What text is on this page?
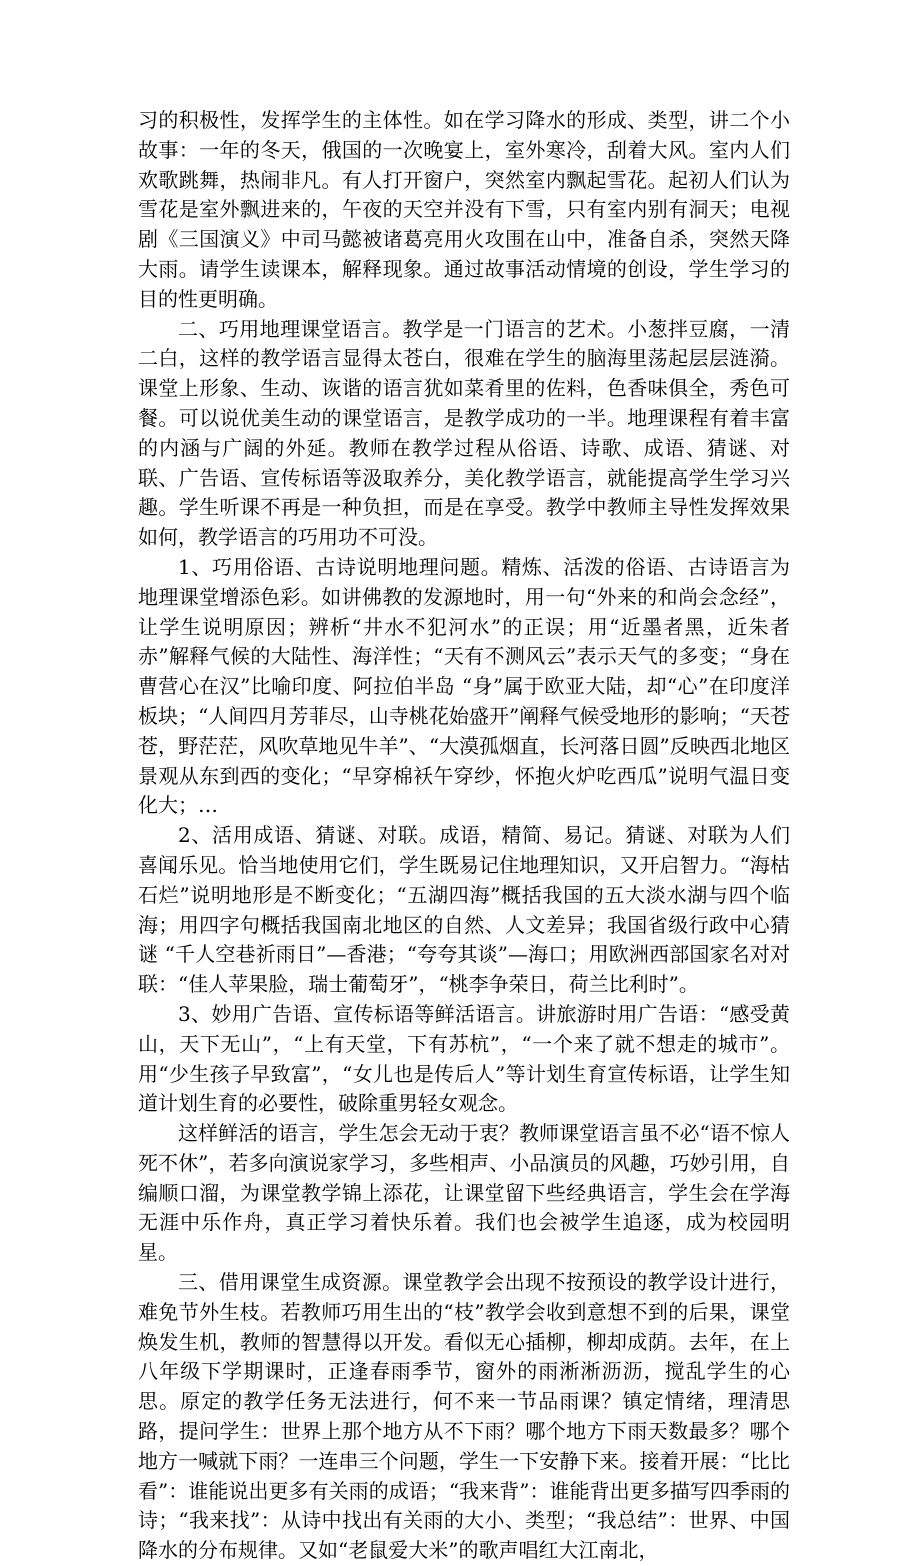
习的积极性，发挥学生的主体性。如在学习降水的形成、类型，讲二个小故事：一年的冬天，俄国的一次晚宴上，室外寒冷，刮着大风。室内人们欢歌跳舞，热闹非凡。有人打开窗户，突然室内飘起雪花。起初人们认为雪花是室外飘进来的，午夜的天空并没有下雪，只有室内别有洞天；电视剧《三国演义》中司马懿被诸葛亮用火攻围在山中，准备自杀，突然天降大雨。请学生读课本，解释现象。通过故事活动情境的创设，学生学习的目的性更明确。

二、巧用地理课堂语言。教学是一门语言的艺术。小葱拌豆腐，一清二白，这样的教学语言显得太苍白，很难在学生的脑海里荡起层层涟漪。课堂上形象、生动、诙谐的语言犹如菜肴里的佐料，色香味俱全，秀色可餐。可以说优美生动的课堂语言，是教学成功的一半。地理课程有着丰富的内涵与广阔的外延。教师在教学过程从俗语、诗歌、成语、猜谜、对联、广告语、宣传标语等汲取养分，美化教学语言，就能提高学生学习兴趣。学生听课不再是一种负担，而是在享受。教学中教师主导性发挥效果如何，教学语言的巧用功不可没。

1、巧用俗语、古诗说明地理问题。精炼、活泼的俗语、古诗语言为地理课堂增添色彩。如讲佛教的发源地时，用一句“外来的和尚会念经”， 让学生说明原因；辨析“井水不犯河水”的正误；用“近墨者黑，近朱者赤”解释气候的大陆性、海洋性；“天有不测风云”表示天气的多变；“身在曹营心在汉”比喻印度、阿拉伯半岛 “身”属于欧亚大陆，却“心”在印度洋板块；“人间四月芳菲尽，山寺桃花始盛开”阐释气候受地形的影响；“天苍苍，野茫茫，风吹草地见牛羊”、“大漠孤烟直，长河落日圆”反映西北地区景观从东到西的变化；“早穿棉袄午穿纱，怀抱火炉吃西瓜”说明气温日变化大；…

2、活用成语、猜谜、对联。成语，精简、易记。猜谜、对联为人们喜闻乐见。恰当地使用它们，学生既易记住地理知识，又开启智力。“海枯石烂”说明地形是不断变化；“五湖四海”概括我国的五大淡水湖与四个临海；用四字句概括我国南北地区的自然、人文差异；我国省级行政中心猜谜 “千人空巷祈雨日”—香港；“夸夸其谈”—海口；用欧洲西部国家名对对联：“佳人苹果脸，瑞士葡萄牙”，“桃李争荣日，荷兰比利时”。

3、妙用广告语、宣传标语等鲜活语言。讲旅游时用广告语：“感受黄山，天下无山”，“上有天堂，下有苏杭”，“一个来了就不想走的城市”。用“少生孩子早致富”，“女儿也是传后人”等计划生育宣传标语，让学生知道计划生育的必要性，破除重男轻女观念。

这样鲜活的语言，学生怎会无动于衷？教师课堂语言虽不必“语不惊人死不休”，若多向演说家学习，多些相声、小品演员的风趣，巧妙引用，自编顺口溜，为课堂教学锦上添花，让课堂留下些经典语言，学生会在学海无涯中乐作舟，真正学习着快乐着。我们也会被学生追逐，成为校园明星。

三、借用课堂生成资源。课堂教学会出现不按预设的教学设计进行，难免节外生枝。若教师巧用生出的“枝”教学会收到意想不到的后果，课堂焕发生机，教师的智慧得以开发。看似无心插柳，柳却成荫。去年，在上八年级下学期课时，正逢春雨季节，窗外的雨淅淅沥沥，搅乱学生的心思。原定的教学任务无法进行，何不来一节品雨课？镇定情绪，理清思路，提问学生：世界上那个地方从不下雨？哪个地方下雨天数最多？哪个地方一喊就下雨？一连串三个问题，学生一下安静下来。接着开展：“比比看”：谁能说出更多有关雨的成语；“我来背”：谁能背出更多描写四季雨的诗；“我来找”：从诗中找出有关雨的大小、类型；“我总结”：世界、中国降水的分布规律。又如“老鼠爱大米”的歌声唱红大江南北，
